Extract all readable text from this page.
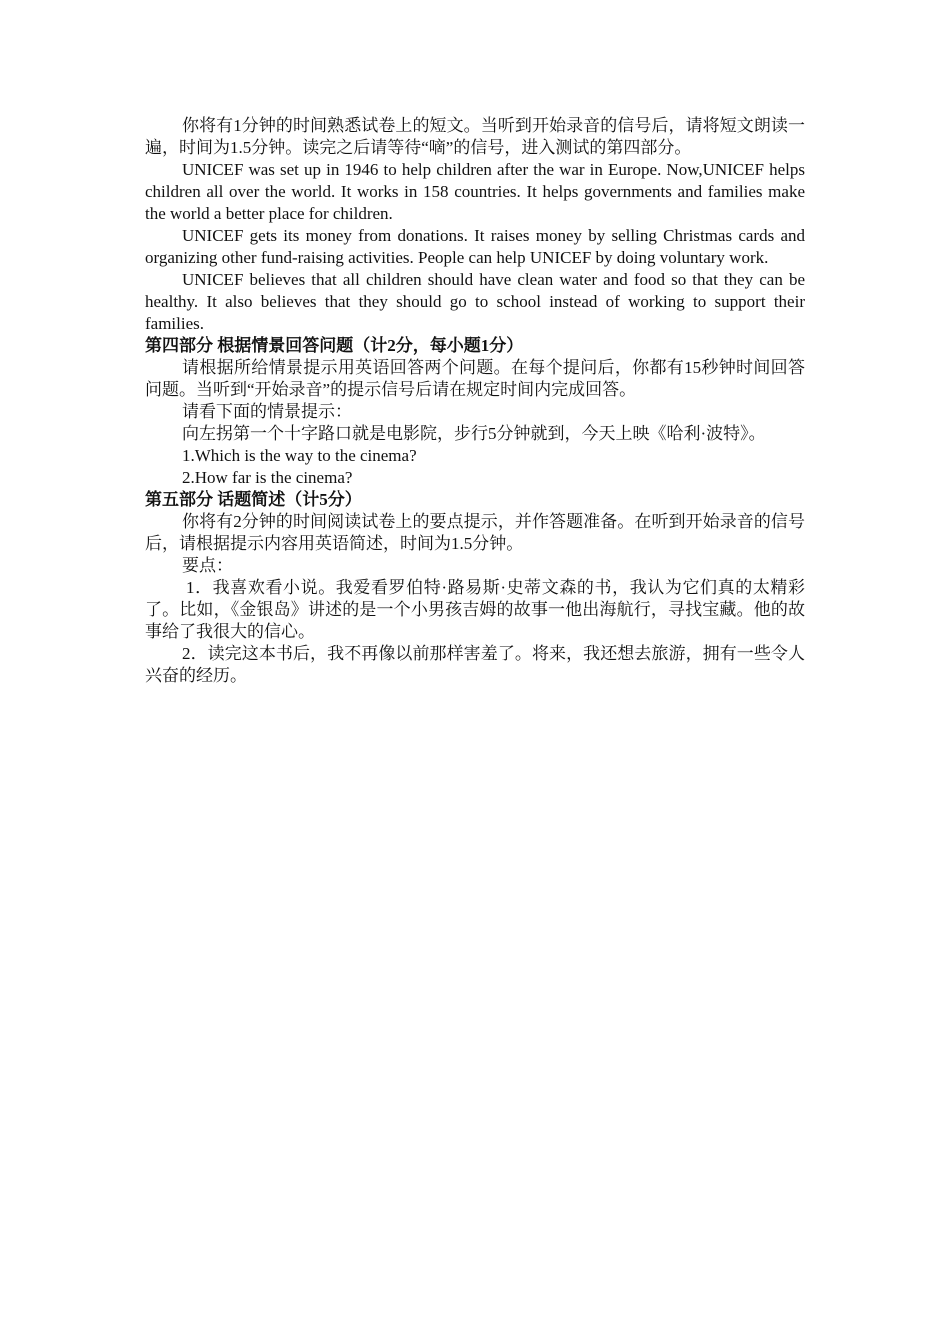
你将有1分钟的时间熟悉试卷上的短文。当听到开始录音的信号后，请将短文朗读一遍，时间为1.5分钟。读完之后请等待“嘀”的信号，进入测试的第四部分。

UNICEF was set up in 1946 to help children after the war in Europe. Now,UNICEF helps children all over the world. It works in 158 countries. It helps governments and families make the world a better place for children.

UNICEF gets its money from donations. It raises money by selling Christmas cards and organizing other fund-raising activities. People can help UNICEF by doing voluntary work.

UNICEF believes that all children should have clean water and food so that they can be healthy. It also believes that they should go to school instead of working to support their families.

第四部分 根据情景回答问题（计2分，每小题1分）

请根据所给情景提示用英语回答两个问题。在每个提问后，你都有15秒钟时间回答问题。当听到“开始录音”的提示信号后请在规定时间内完成回答。

请看下面的情景提示：

向左拐第一个十字路口就是电影院，步行5分钟就到，今天上映《哈利·波特》。

1.Which is the way to the cinema?

2.How far is the cinema?

第五部分 话题简述（计5分）

你将有2分钟的时间阅读试卷上的要点提示，并作答题准备。在听到开始录音的信号后，请根据提示内容用英语简述，时间为1.5分钟。

要点：

1．我喜欢看小说。我爱看罗伯特·路易斯·史蒂文森的书，我认为它们真的太精彩了。比如，《金银岛》讲述的是一个小男孩吉姆的故事一他出海航行，寻找宝藏。他的故事给了我很大的信心。

2．读完这本书后，我不再像以前那样害羞了。将来，我还想去旅游，拥有一些令人兴奋的经历。
